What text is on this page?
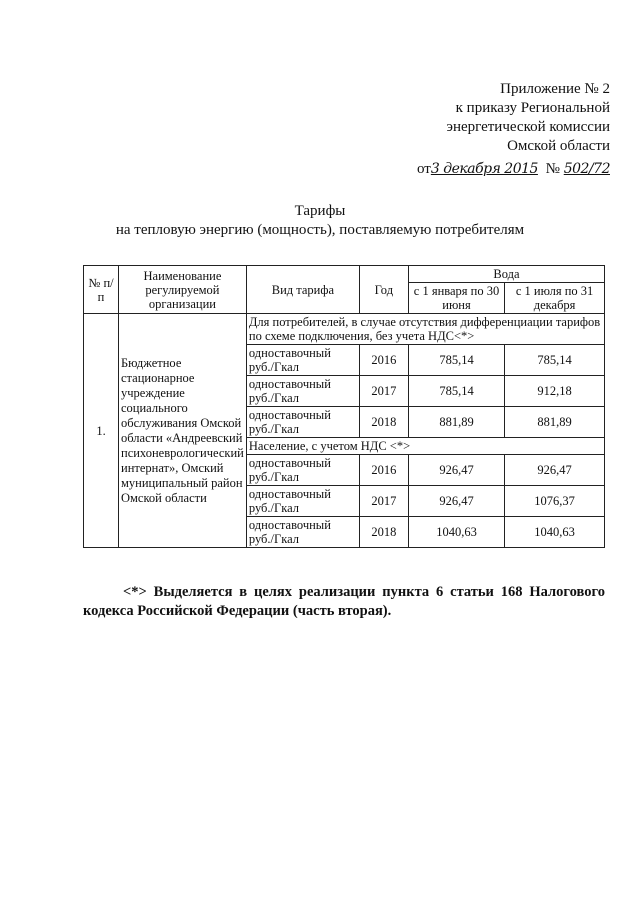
Приложение № 2
к приказу Региональной
энергетической комиссии
Омской области
от3 декабря 2015 № 502/72
Тарифы
на тепловую энергию (мощность), поставляемую потребителям
№ п/п	Наименование регулируемой организации	Вид тарифа	Год	Вода	
				с 1 января по 30 июня	с 1 июля по 31 декабря
1.	Бюджетное стационарное учреждение социального обслуживания Омской области «Андреевский психоневрологический интернат», Омский муниципальный район Омской области	Для потребителей, в случае отсутствия дифференциации тарифов по схеме подключения, без учета НДС<*>			
		одноставочный руб./Гкал	2016	785,14	785,14
		одноставочный руб./Гкал	2017	785,14	912,18
		одноставочный руб./Гкал	2018	881,89	881,89
		Население, с учетом НДС <*>			
		одноставочный руб./Гкал	2016	926,47	926,47
		одноставочный руб./Гкал	2017	926,47	1076,37
		одноставочный руб./Гкал	2018	1040,63	1040,63
<*> Выделяется в целях реализации пункта 6 статьи 168 Налогового кодекса Российской Федерации (часть вторая).
